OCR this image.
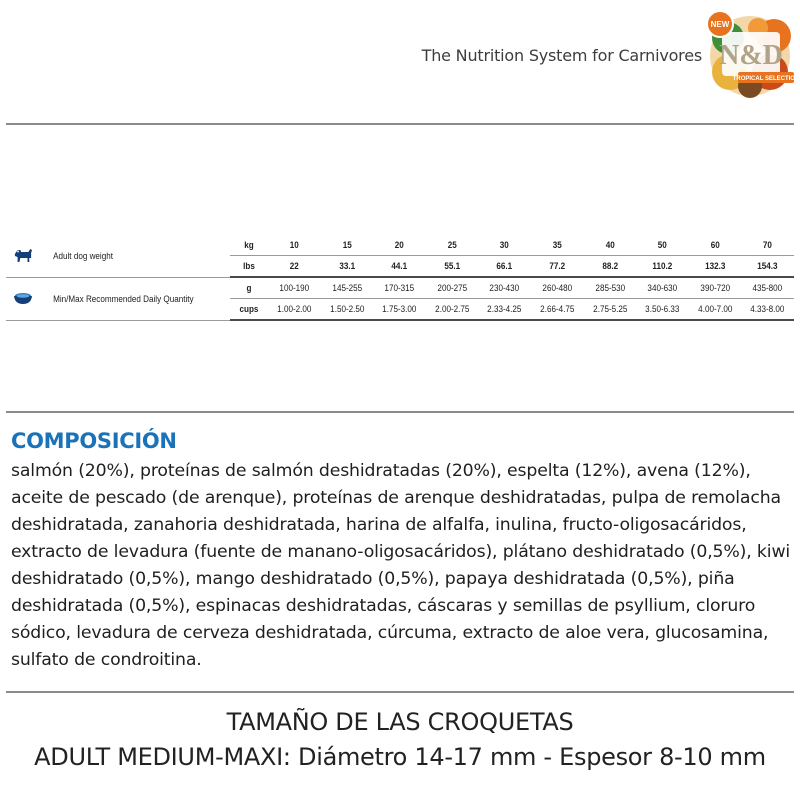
The Nutrition System for Carnivores
NEW
N&D
TROPICAL SELECTION
	Adult dog weight	kg	10	15	20	25	30	35	40	50	60	70
		lbs	22	33.1	44.1	55.1	66.1	77.2	88.2	110.2	132.3	154.3
	Min/Max Recommended Daily Quantity	g	100-190	145-255	170-315	200-275	230-430	260-480	285-530	340-630	390-720	435-800
		cups	1.00-2.00	1.50-2.50	1.75-3.00	2.00-2.75	2.33-4.25	2.66-4.75	2.75-5.25	3.50-6.33	4.00-7.00	4.33-8.00
COMPOSICIÓN
salmón (20%), proteínas de salmón deshidratadas (20%), espelta (12%), avena (12%), aceite de pescado (de arenque), proteínas de arenque deshidratadas, pulpa de remolacha deshidratada, zanahoria deshidratada, harina de alfalfa, inulina, fructo-oligosacáridos, extracto de levadura (fuente de manano-oligosacáridos), plátano deshidratado (0,5%), kiwi deshidratado (0,5%), mango deshidratado (0,5%), papaya deshidratada (0,5%), piña deshidratada (0,5%), espinacas deshidratadas, cáscaras y semillas de psyllium, cloruro sódico, levadura de cerveza deshidratada, cúrcuma, extracto de aloe vera, glucosamina, sulfato de condroitina.
TAMAÑO DE LAS CROQUETAS
ADULT MEDIUM-MAXI: Diámetro 14-17 mm - Espesor 8-10 mm
